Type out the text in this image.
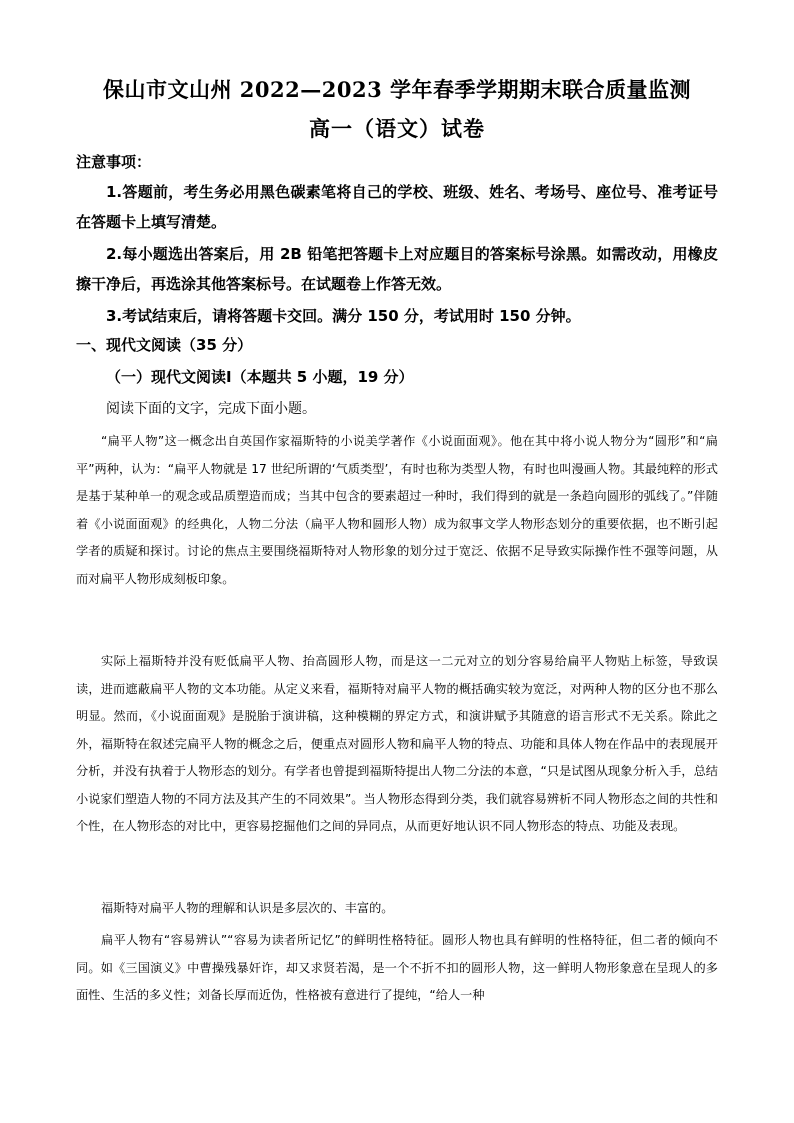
保山市文山州 2022—2023 学年春季学期期末联合质量监测
高一（语文）试卷
注意事项：
1.答题前，考生务必用黑色碳素笔将自己的学校、班级、姓名、考场号、座位号、准考证号在答题卡上填写清楚。
2.每小题选出答案后，用 2B 铅笔把答题卡上对应题目的答案标号涂黑。如需改动，用橡皮擦干净后，再选涂其他答案标号。在试题卷上作答无效。
3.考试结束后，请将答题卡交回。满分 150 分，考试用时 150 分钟。
一、现代文阅读（35 分）
（一）现代文阅读Ⅰ（本题共 5 小题，19 分）
阅读下面的文字，完成下面小题。

“扁平人物”这一概念出自英国作家福斯特的小说美学著作《小说面面观》。他在其中将小说人物分为“圆形”和“扁平”两种，认为：“扁平人物就是 17 世纪所谓的‘气质类型’，有时也称为类型人物，有时也叫漫画人物。其最纯粹的形式是基于某种单一的观念或品质塑造而成；当其中包含的要素超过一种时，我们得到的就是一条趋向圆形的弧线了。”伴随着《小说面面观》的经典化，人物二分法（扁平人物和圆形人物）成为叙事文学人物形态划分的重要依据，也不断引起学者的质疑和探讨。讨论的焦点主要围绕福斯特对人物形象的划分过于宽泛、依据不足导致实际操作性不强等问题，从而对扁平人物形成刻板印象。

实际上福斯特并没有贬低扁平人物、抬高圆形人物，而是这一二元对立的划分容易给扁平人物贴上标签，导致误读，进而遮蔽扁平人物的文本功能。从定义来看，福斯特对扁平人物的概括确实较为宽泛，对两种人物的区分也不那么明显。然而，《小说面面观》是脱胎于演讲稿，这种模糊的界定方式，和演讲赋予其随意的语言形式不无关系。除此之外，福斯特在叙述完扁平人物的概念之后，便重点对圆形人物和扁平人物的特点、功能和具体人物在作品中的表现展开分析，并没有执着于人物形态的划分。有学者也曾提到福斯特提出人物二分法的本意，“只是试图从现象分析入手，总结小说家们塑造人物的不同方法及其产生的不同效果”。当人物形态得到分类，我们就容易辨析不同人物形态之间的共性和个性，在人物形态的对比中，更容易挖掘他们之间的异同点，从而更好地认识不同人物形态的特点、功能及表现。

福斯特对扁平人物的理解和认识是多层次的、丰富的。

扁平人物有“容易辨认”“容易为读者所记忆”的鲜明性格特征。圆形人物也具有鲜明的性格特征，但二者的倾向不同。如《三国演义》中曹操残暴奸诈，却又求贤若渴，是一个不折不扣的圆形人物，这一鲜明人物形象意在呈现人的多面性、生活的多义性；刘备长厚而近伪，性格被有意进行了提纯，“给人一种
